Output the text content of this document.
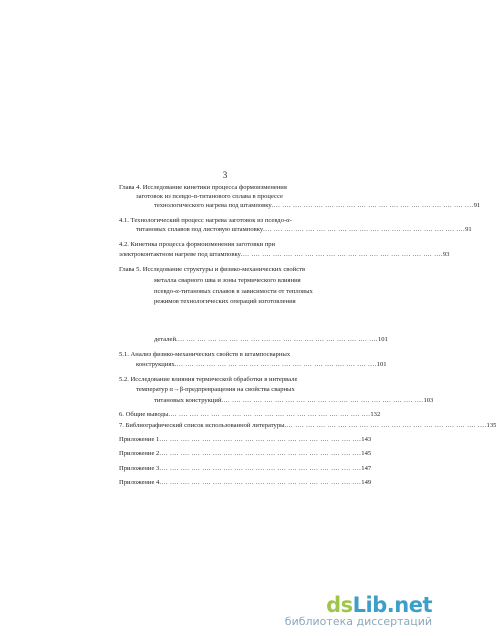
3
Глава 4. Исследование кинетики процесса формоизменения
заготовок из псевдо-α-титанового сплава в процессе
технологического нагрева под штамповку .... .... .... .... .... .... .... .... .... .... .... .... .... .... .... .... .... .... .... 91
4.1. Технологический процесс нагрева заготовок из псевдо-α-
титановых сплавов под листовую штамповку .... .... .... .... .... .... .... .... .... .... .... .... .... .... .... .... .... .... .... 91
4.2. Кинетика процесса формоизменения заготовки при
электроконтактном нагреве под штамповку .... .... .... .... .... .... .... .... .... .... .... .... .... .... .... .... .... .... .... 93
Глава 5. Исследование структуры и физико-механических свойств
металла сварного шва и зоны термического влияния
псевдо-α-титановых сплавов в зависимости от тепловых
режимов технологических операций изготовления
деталей .... .... .... .... .... .... .... .... .... .... .... .... .... .... .... .... .... .... .... 101
5.1. Анализ физико-механических свойств в штампосварных
конструкциях .... .... .... .... .... .... .... .... .... .... .... .... .... .... .... .... .... .... .... 101
5.2. Исследование влияния термической обработки в интервале
температур α→β-предпревращения на свойства сварных
титановых конструкций .... .... .... .... .... .... .... .... .... .... .... .... .... .... .... .... .... .... .... 103
6. Общие выводы .... .... .... .... .... .... .... .... .... .... .... .... .... .... .... .... .... .... .... 132
7. Библиографический список использованной литературы .... .... .... .... .... .... .... .... .... .... .... .... .... .... .... .... .... .... .... 135
Приложение 1 .... .... .... .... .... .... .... .... .... .... .... .... .... .... .... .... .... .... .... 143
Приложение 2 .... .... .... .... .... .... .... .... .... .... .... .... .... .... .... .... .... .... .... 145
Приложение 3 .... .... .... .... .... .... .... .... .... .... .... .... .... .... .... .... .... .... .... 147
Приложение 4 .... .... .... .... .... .... .... .... .... .... .... .... .... .... .... .... .... .... .... 149
dsLib.net
библиотека диссертаций
